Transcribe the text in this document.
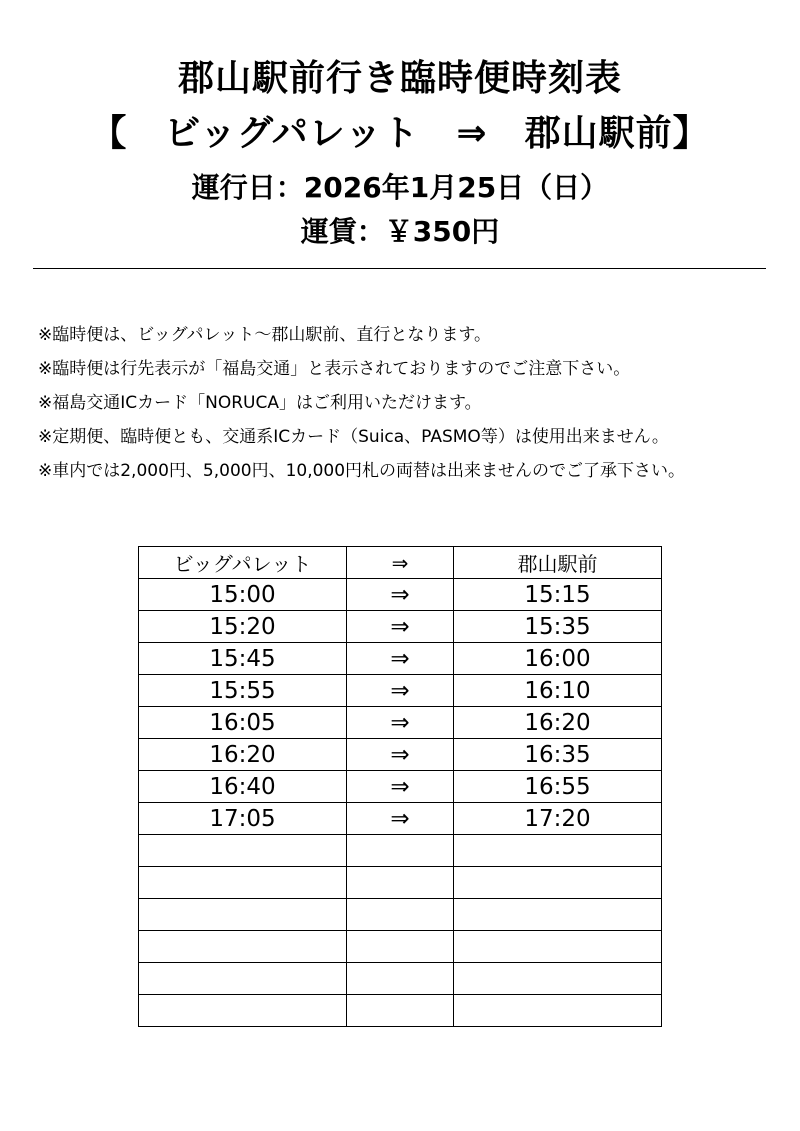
郡山駅前行き臨時便時刻表
【　ビッグパレット　⇒　郡山駅前】
運行日：2026年1月25日（日）
運賃：￥350円
※臨時便は、ビッグパレット～郡山駅前、直行となります。
※臨時便は行先表示が「福島交通」と表示されておりますのでご注意下さい。
※福島交通ICカード「NORUCA」はご利用いただけます。
※定期便、臨時便とも、交通系ICカード（Suica、PASMO等）は使用出来ません。
※車内では2,000円、5,000円、10,000円札の両替は出来ませんのでご了承下さい。
ビッグパレット	⇒	郡山駅前
15:00	⇒	15:15
15:20	⇒	15:35
15:45	⇒	16:00
15:55	⇒	16:10
16:05	⇒	16:20
16:20	⇒	16:35
16:40	⇒	16:55
17:05	⇒	17:20
